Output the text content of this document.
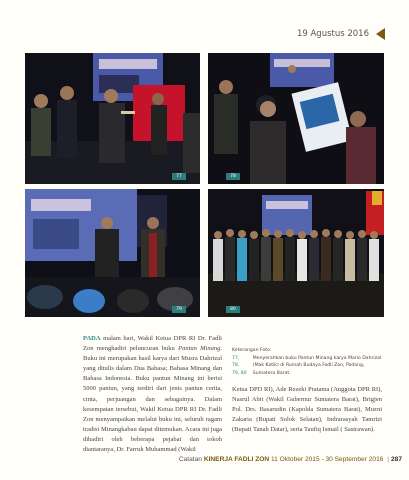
19 Agustus 2016
77	78
79	80
PADA malam hari, Wakil Ketua DPR RI Dr. Fadli Zon menghadiri peluncuran buku Pantun Minang. Buku ini merupakan hasil karya dari Musra Dahrizal yang ditulis dalam Dua Bahasa; Bahasa Minang dan Bahasa Indonesia. Buku pantun Minang ini berisi 5000 pantun, yang terdiri dari jenis pantun cerita, cinta, perjuangan dan sebagainya. Dalam kesempatan tersebut, Wakil Ketua DPR RI Dr. Fadli Zon menyampaikan melalui buku ini, seluruh ragam tradisi Minangkabau dapat ditemukan. Acara ini juga dihadiri oleh beberapa pejabat dan tokoh diantaranya, Dr. Farruk Muhammad (Wakil
Keterangan Foto:
77, 78, 79, 80
Menyerahkan buku Pantun Minang karya Mario Dahrizal (Mak Katik) di Rumah Budaya Fadli Zon, Padang, Sumatera Barat.
Ketua DPD RI), Ade Rezeki Pratama (Anggota DPR RI), Nasrul Abit (Wakil Gubernur Sumatera Barat), Brigjen Pol. Drs. Basarudin (Kapolda Sumatera Barat), Muzni Zakaria (Bupati Solok Selatan), Indrarasyah Tamrizi (Bupati Tanah Datar), serta Taufiq Ismail ( Sastrawan).
Catatan KINERJA FADLI ZON 11 Oktober 2015 - 30 September 2016 | 287
